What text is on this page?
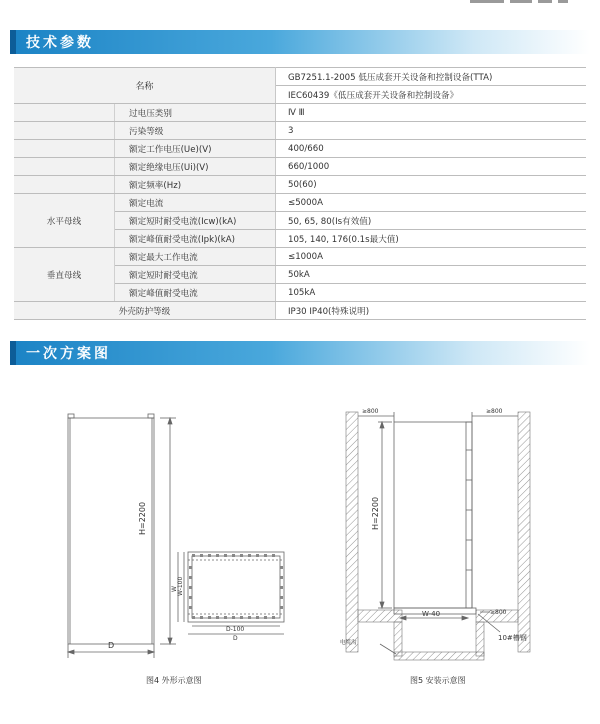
技术参数
名称		GB7251.1-2005 低压成套开关设备和控制设备(TTA)
		IEC60439《低压成套开关设备和控制设备》
	过电压类别	Ⅳ Ⅲ
	污染等级	3
	额定工作电压(Ue)(V)	400/660
	额定绝缘电压(Ui)(V)	660/1000
	额定频率(Hz)	50(60)
水平母线	额定电流	≤5000A
	额定短时耐受电流(Icw)(kA)	50, 65, 80(Is有效值)
	额定峰值耐受电流(Ipk)(kA)	105, 140, 176(0.1s最大值)
垂直母线	额定最大工作电流	≤1000A
	额定短时耐受电流	50kA
	额定峰值耐受电流	105kA
外壳防护等级		IP30 IP40(特殊说明)
一次方案图
H=2200
D
W W-100
D-100
D
图4 外形示意图
≥800	≥800
≥800
H=2200
W-40
电缆沟
10#槽钢
图5 安装示意图
